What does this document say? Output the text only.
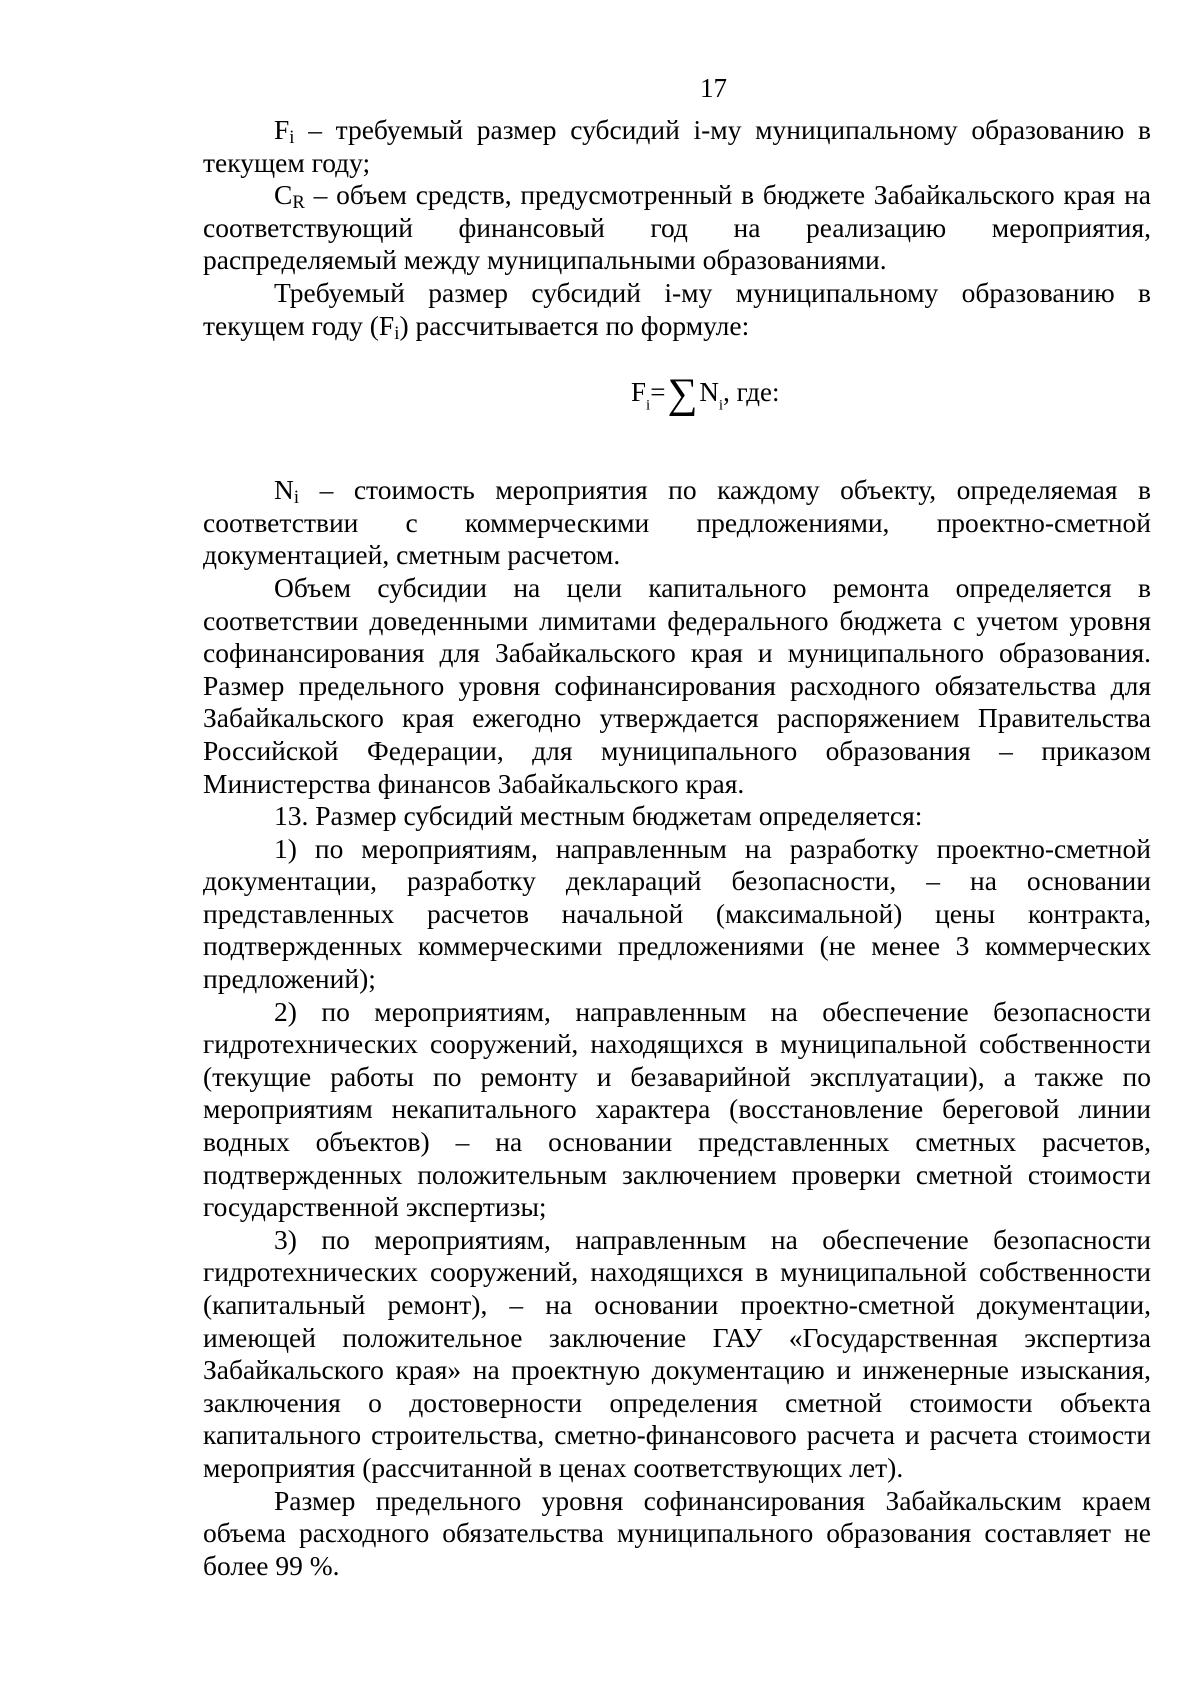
17

$F_i$ – требуемый размер субсидий i-му муниципальному образованию в текущем году;

$C_R$ – объем средств, предусмотренный в бюджете Забайкальского края на соответствующий финансовый год на реализацию мероприятия, распределяемый между муниципальными образованиями.

Требуемый размер субсидий i-му муниципальному образованию в текущем году $(F_i)$ рассчитывается по формуле:

$F_i=\sum N_i$, где:

$N_i$ – стоимость мероприятия по каждому объекту, определяемая в соответствии с коммерческими предложениями, проектно-сметной документацией, сметным расчетом.

Объем субсидии на цели капитального ремонта определяется в соответствии доведенными лимитами федерального бюджета с учетом уровня софинансирования для Забайкальского края и муниципального образования. Размер предельного уровня софинансирования расходного обязательства для Забайкальского края ежегодно утверждается распоряжением Правительства Российской Федерации, для муниципального образования – приказом Министерства финансов Забайкальского края.

13. Размер субсидий местным бюджетам определяется:

1) по мероприятиям, направленным на разработку проектно-сметной документации, разработку деклараций безопасности, – на основании представленных расчетов начальной (максимальной) цены контракта, подтвержденных коммерческими предложениями (не менее 3 коммерческих предложений);

2) по мероприятиям, направленным на обеспечение безопасности гидротехнических сооружений, находящихся в муниципальной собственности (текущие работы по ремонту и безаварийной эксплуатации), а также по мероприятиям некапитального характера (восстановление береговой линии водных объектов) – на основании представленных сметных расчетов, подтвержденных положительным заключением проверки сметной стоимости государственной экспертизы;

3) по мероприятиям, направленным на обеспечение безопасности гидротехнических сооружений, находящихся в муниципальной собственности (капитальный ремонт), – на основании проектно-сметной документации, имеющей положительное заключение ГАУ «Государственная экспертиза Забайкальского края» на проектную документацию и инженерные изыскания, заключения о достоверности определения сметной стоимости объекта капитального строительства, сметно-финансового расчета и расчета стоимости мероприятия (рассчитанной в ценах соответствующих лет).

Размер предельного уровня софинансирования Забайкальским краем объема расходного обязательства муниципального образования составляет не более 99 %.
